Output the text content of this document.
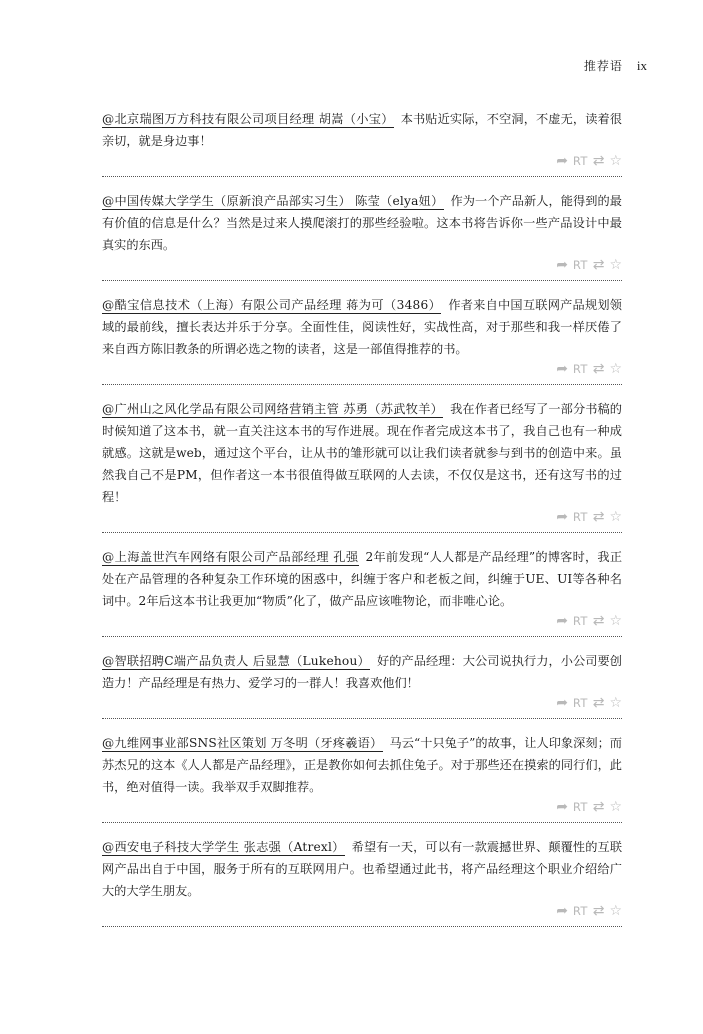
推荐语 ix

@北京瑞图万方科技有限公司项目经理 胡嵩（小宝） 本书贴近实际，不空洞，不虚无，读着很亲切，就是身边事！

➦ RT ⇄ ☆

@中国传媒大学学生（原新浪产品部实习生） 陈莹（elya妞） 作为一个产品新人，能得到的最有价值的信息是什么？当然是过来人摸爬滚打的那些经验啦。这本书将告诉你一些产品设计中最真实的东西。

➦ RT ⇄ ☆

@酷宝信息技术（上海）有限公司产品经理 蒋为可（3486） 作者来自中国互联网产品规划领域的最前线，擅长表达并乐于分享。全面性佳，阅读性好，实战性高，对于那些和我一样厌倦了来自西方陈旧教条的所谓必选之物的读者，这是一部值得推荐的书。

➦ RT ⇄ ☆

@广州山之风化学品有限公司网络营销主管 苏勇（苏武牧羊） 我在作者已经写了一部分书稿的时候知道了这本书，就一直关注这本书的写作进展。现在作者完成这本书了，我自己也有一种成就感。这就是web，通过这个平台，让从书的雏形就可以让我们读者就参与到书的创造中来。虽然我自己不是PM，但作者这一本书很值得做互联网的人去读，不仅仅是这书，还有这写书的过程！

➦ RT ⇄ ☆

@上海盖世汽车网络有限公司产品部经理 孔强 2年前发现“人人都是产品经理”的博客时，我正处在产品管理的各种复杂工作环境的困惑中，纠缠于客户和老板之间，纠缠于UE、UI等各种名词中。2年后这本书让我更加“物质”化了，做产品应该唯物论，而非唯心论。

➦ RT ⇄ ☆

@智联招聘C端产品负责人 后显慧（Lukehou） 好的产品经理：大公司说执行力，小公司要创造力！产品经理是有热力、爱学习的一群人！我喜欢他们！

➦ RT ⇄ ☆

@九维网事业部SNS社区策划 万冬明（牙疼羲语） 马云“十只兔子”的故事，让人印象深刻；而苏杰兄的这本《人人都是产品经理》，正是教你如何去抓住兔子。对于那些还在摸索的同行们，此书，绝对值得一读。我举双手双脚推荐。

➦ RT ⇄ ☆

@西安电子科技大学学生 张志强（Atrexl） 希望有一天，可以有一款震撼世界、颠覆性的互联网产品出自于中国，服务于所有的互联网用户。也希望通过此书，将产品经理这个职业介绍给广大的大学生朋友。

➦ RT ⇄ ☆
